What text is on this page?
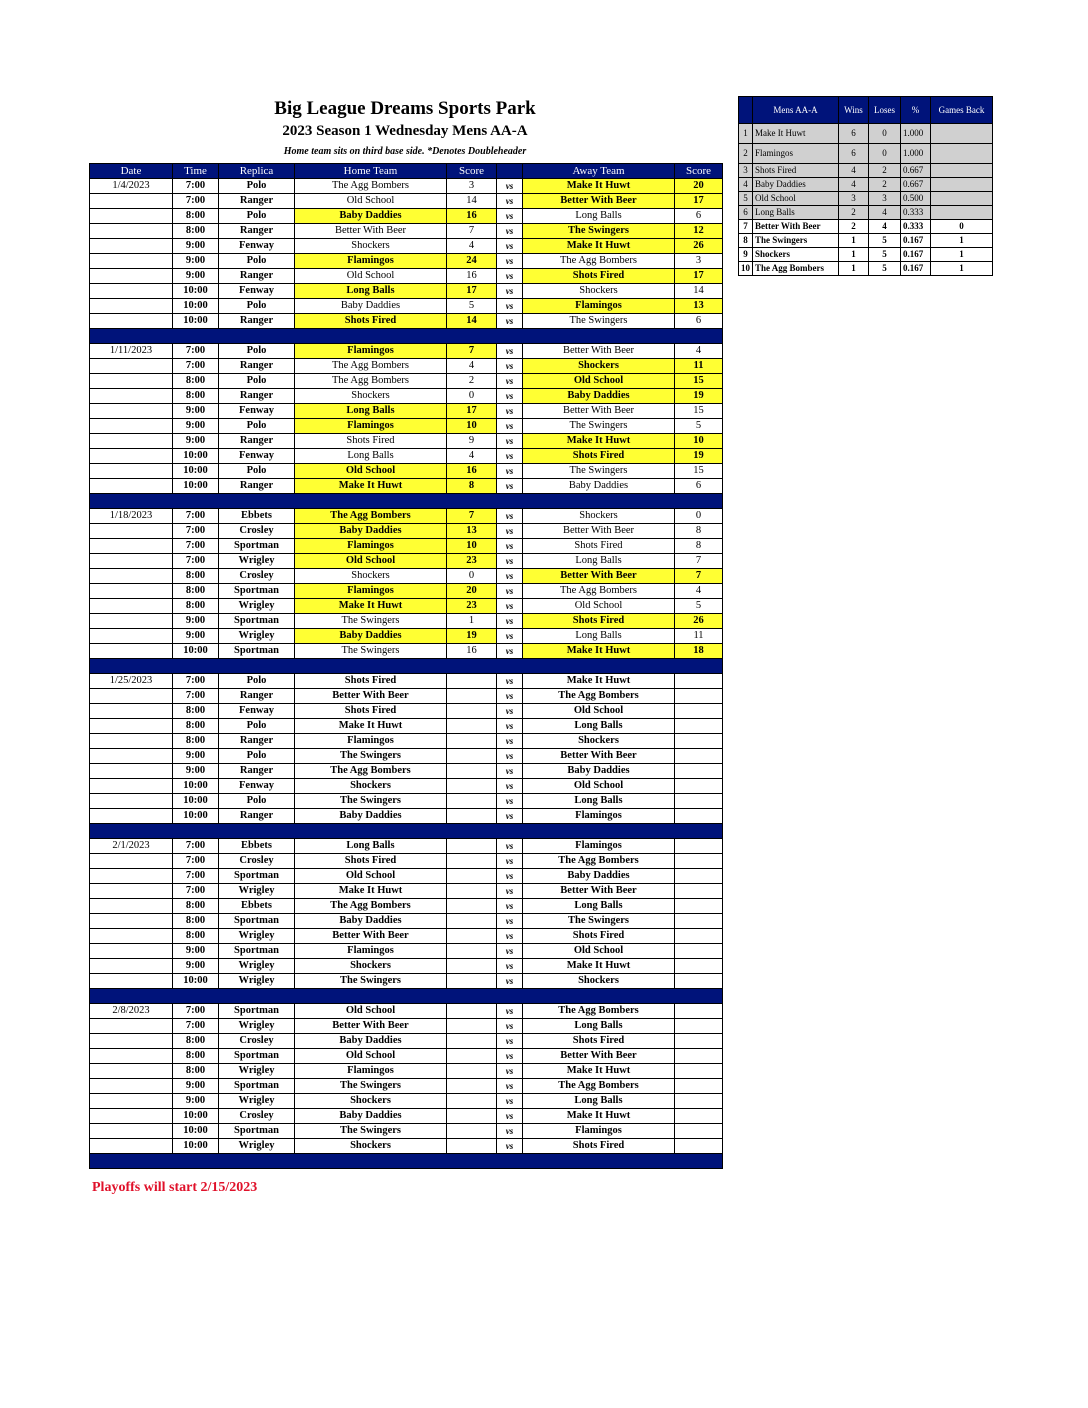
Big League Dreams Sports Park
2023 Season 1 Wednesday Mens AA-A
Home team sits on third base side. *Denotes Doubleheader
Date	Time	Replica	Home Team	Score		Away Team	Score
1/4/2023	7:00	Polo	The Agg Bombers	3	vs	Make It Huwt	20
	7:00	Ranger	Old School	14	vs	Better With Beer	17
	8:00	Polo	Baby Daddies	16	vs	Long Balls	6
	8:00	Ranger	Better With Beer	7	vs	The Swingers	12
	9:00	Fenway	Shockers	4	vs	Make It Huwt	26
	9:00	Polo	Flamingos	24	vs	The Agg Bombers	3
	9:00	Ranger	Old School	16	vs	Shots Fired	17
	10:00	Fenway	Long Balls	17	vs	Shockers	14
	10:00	Polo	Baby Daddies	5	vs	Flamingos	13
	10:00	Ranger	Shots Fired	14	vs	The Swingers	6

1/11/2023	7:00	Polo	Flamingos	7	vs	Better With Beer	4
	7:00	Ranger	The Agg Bombers	4	vs	Shockers	11
	8:00	Polo	The Agg Bombers	2	vs	Old School	15
	8:00	Ranger	Shockers	0	vs	Baby Daddies	19
	9:00	Fenway	Long Balls	17	vs	Better With Beer	15
	9:00	Polo	Flamingos	10	vs	The Swingers	5
	9:00	Ranger	Shots Fired	9	vs	Make It Huwt	10
	10:00	Fenway	Long Balls	4	vs	Shots Fired	19
	10:00	Polo	Old School	16	vs	The Swingers	15
	10:00	Ranger	Make It Huwt	8	vs	Baby Daddies	6

1/18/2023	7:00	Ebbets	The Agg Bombers	7	vs	Shockers	0
	7:00	Crosley	Baby Daddies	13	vs	Better With Beer	8
	7:00	Sportman	Flamingos	10	vs	Shots Fired	8
	7:00	Wrigley	Old School	23	vs	Long Balls	7
	8:00	Crosley	Shockers	0	vs	Better With Beer	7
	8:00	Sportman	Flamingos	20	vs	The Agg Bombers	4
	8:00	Wrigley	Make It Huwt	23	vs	Old School	5
	9:00	Sportman	The Swingers	1	vs	Shots Fired	26
	9:00	Wrigley	Baby Daddies	19	vs	Long Balls	11
	10:00	Sportman	The Swingers	16	vs	Make It Huwt	18

1/25/2023	7:00	Polo	Shots Fired		vs	Make It Huwt	
	7:00	Ranger	Better With Beer		vs	The Agg Bombers	
	8:00	Fenway	Shots Fired		vs	Old School	
	8:00	Polo	Make It Huwt		vs	Long Balls	
	8:00	Ranger	Flamingos		vs	Shockers	
	9:00	Polo	The Swingers		vs	Better With Beer	
	9:00	Ranger	The Agg Bombers		vs	Baby Daddies	
	10:00	Fenway	Shockers		vs	Old School	
	10:00	Polo	The Swingers		vs	Long Balls	
	10:00	Ranger	Baby Daddies		vs	Flamingos	

2/1/2023	7:00	Ebbets	Long Balls		vs	Flamingos	
	7:00	Crosley	Shots Fired		vs	The Agg Bombers	
	7:00	Sportman	Old School		vs	Baby Daddies	
	7:00	Wrigley	Make It Huwt		vs	Better With Beer	
	8:00	Ebbets	The Agg Bombers		vs	Long Balls	
	8:00	Sportman	Baby Daddies		vs	The Swingers	
	8:00	Wrigley	Better With Beer		vs	Shots Fired	
	9:00	Sportman	Flamingos		vs	Old School	
	9:00	Wrigley	Shockers		vs	Make It Huwt	
	10:00	Wrigley	The Swingers		vs	Shockers	

2/8/2023	7:00	Sportman	Old School		vs	The Agg Bombers	
	7:00	Wrigley	Better With Beer		vs	Long Balls	
	8:00	Crosley	Baby Daddies		vs	Shots Fired	
	8:00	Sportman	Old School		vs	Better With Beer	
	8:00	Wrigley	Flamingos		vs	Make It Huwt	
	9:00	Sportman	The Swingers		vs	The Agg Bombers	
	9:00	Wrigley	Shockers		vs	Long Balls	
	10:00	Crosley	Baby Daddies		vs	Make It Huwt	
	10:00	Sportman	The Swingers		vs	Flamingos	
	10:00	Wrigley	Shockers		vs	Shots Fired	

Playoffs will start 2/15/2023
	Mens AA-A	Wins	Loses	%	Games Back
1	Make It Huwt	6	0	1.000	
2	Flamingos	6	0	1.000	
3	Shots Fired	4	2	0.667	
4	Baby Daddies	4	2	0.667	
5	Old School	3	3	0.500	
6	Long Balls	2	4	0.333	
7	Better With Beer	2	4	0.333	0
8	The Swingers	1	5	0.167	1
9	Shockers	1	5	0.167	1
10	The Agg Bombers	1	5	0.167	1
